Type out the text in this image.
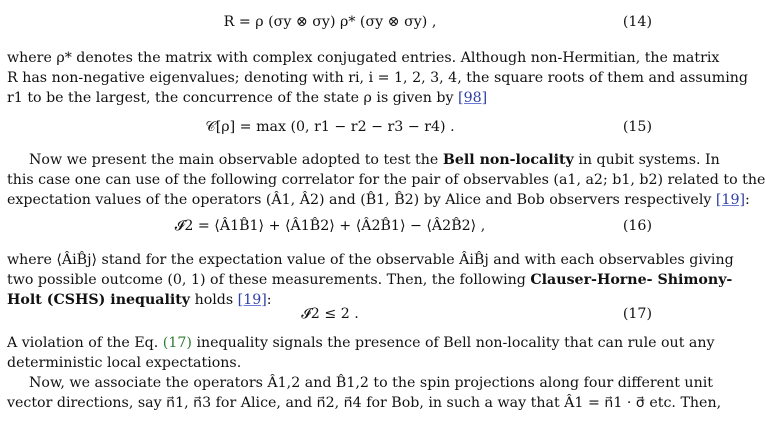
R = ρ (σy ⊗ σy) ρ* (σy ⊗ σy) ,	(14)
where ρ* denotes the matrix with complex conjugated entries. Although non-Hermitian, the matrix
R has non-negative eigenvalues; denoting with ri, i = 1, 2, 3, 4, the square roots of them and assuming
r1 to be the largest, the concurrence of the state ρ is given by [98]
𝒞[ρ] = max (0, r1 − r2 − r3 − r4) .	(15)
Now we present the main observable adopted to test the Bell non-locality in qubit systems. In
this case one can use of the following correlator for the pair of observables (a1, a2; b1, b2) related to the
expectation values of the operators (Â1, Â2) and (B̂1, B̂2) by Alice and Bob observers respectively [19]:
𝓘2 = ⟨Â1B̂1⟩ + ⟨Â1B̂2⟩ + ⟨Â2B̂1⟩ − ⟨Â2B̂2⟩ ,	(16)
where ⟨ÂiB̂j⟩ stand for the expectation value of the observable ÂiB̂j and with each observables giving
two possible outcome (0, 1) of these measurements. Then, the following Clauser-Horne- Shimony-
Holt (CSHS) inequality holds [19]:
𝓘2 ≤ 2 .	(17)
A violation of the Eq. (17) inequality signals the presence of Bell non-locality that can rule out any
deterministic local expectations.
Now, we associate the operators Â1,2 and B̂1,2 to the spin projections along four different unit
vector directions, say n⃗1, n⃗3 for Alice, and n⃗2, n⃗4 for Bob, in such a way that Â1 = n⃗1 · σ⃗ etc. Then,
